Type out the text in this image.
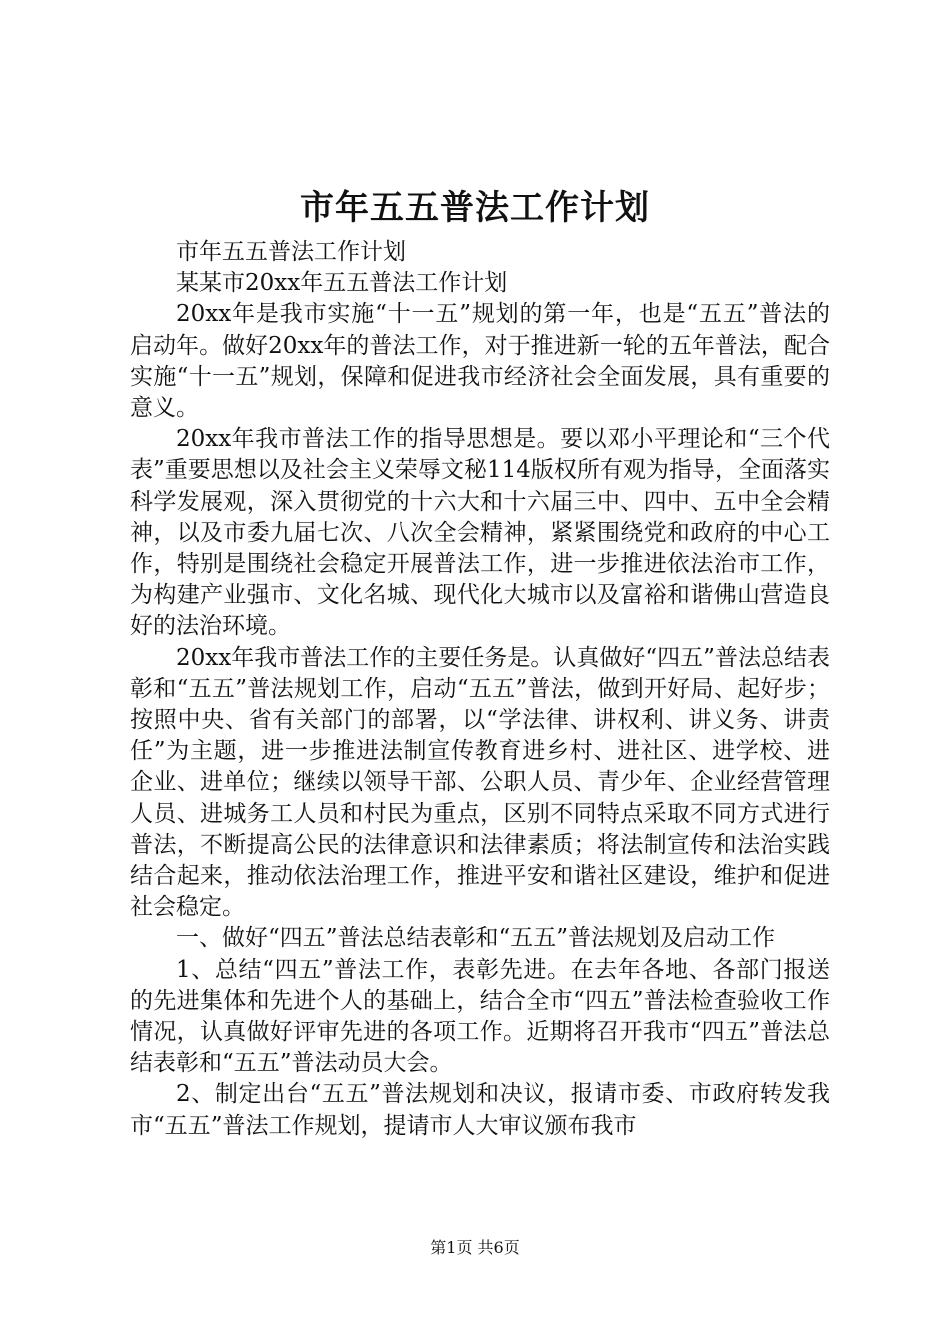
市年五五普法工作计划

市年五五普法工作计划

某某市20xx年五五普法工作计划

20xx年是我市实施“十一五”规划的第一年，也是“五五”普法的启动年。做好20xx年的普法工作，对于推进新一轮的五年普法，配合实施“十一五”规划，保障和促进我市经济社会全面发展，具有重要的意义。

20xx年我市普法工作的指导思想是。要以邓小平理论和“三个代表”重要思想以及社会主义荣辱文秘114版权所有观为指导，全面落实科学发展观，深入贯彻党的十六大和十六届三中、四中、五中全会精神，以及市委九届七次、八次全会精神，紧紧围绕党和政府的中心工作，特别是围绕社会稳定开展普法工作，进一步推进依法治市工作，为构建产业强市、文化名城、现代化大城市以及富裕和谐佛山营造良好的法治环境。

20xx年我市普法工作的主要任务是。认真做好“四五”普法总结表彰和“五五”普法规划工作，启动“五五”普法，做到开好局、起好步；按照中央、省有关部门的部署，以“学法律、讲权利、讲义务、讲责任”为主题，进一步推进法制宣传教育进乡村、进社区、进学校、进企业、进单位；继续以领导干部、公职人员、青少年、企业经营管理人员、进城务工人员和村民为重点，区别不同特点采取不同方式进行普法，不断提高公民的法律意识和法律素质；将法制宣传和法治实践结合起来，推动依法治理工作，推进平安和谐社区建设，维护和促进社会稳定。

一、做好“四五”普法总结表彰和“五五”普法规划及启动工作

1、总结“四五”普法工作，表彰先进。在去年各地、各部门报送的先进集体和先进个人的基础上，结合全市“四五”普法检查验收工作情况，认真做好评审先进的各项工作。近期将召开我市“四五”普法总结表彰和“五五”普法动员大会。

2、制定出台“五五”普法规划和决议，报请市委、市政府转发我市“五五”普法工作规划，提请市人大审议颁布我市

第1页 共6页
